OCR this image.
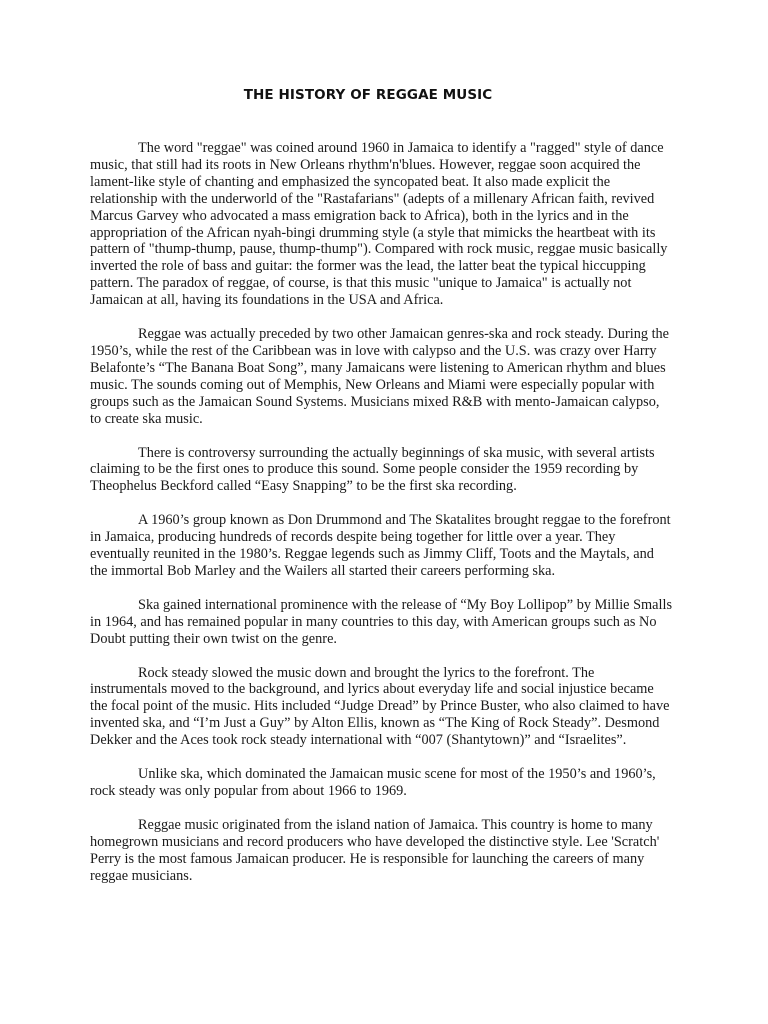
THE HISTORY OF REGGAE MUSIC

The word "reggae" was coined around 1960 in Jamaica to identify a "ragged" style of dance music, that still had its roots in New Orleans rhythm'n'blues. However, reggae soon acquired the lament-like style of chanting and emphasized the syncopated beat. It also made explicit the relationship with the underworld of the "Rastafarians" (adepts of a millenary African faith, revived Marcus Garvey who advocated a mass emigration back to Africa), both in the lyrics and in the appropriation of the African nyah-bingi drumming style (a style that mimicks the heartbeat with its pattern of "thump-thump, pause, thump-thump"). Compared with rock music, reggae music basically inverted the role of bass and guitar: the former was the lead, the latter beat the typical hiccupping pattern. The paradox of reggae, of course, is that this music "unique to Jamaica" is actually not Jamaican at all, having its foundations in the USA and Africa.

Reggae was actually preceded by two other Jamaican genres-ska and rock steady. During the 1950’s, while the rest of the Caribbean was in love with calypso and the U.S. was crazy over Harry Belafonte’s “The Banana Boat Song”, many Jamaicans were listening to American rhythm and blues music. The sounds coming out of Memphis, New Orleans and Miami were especially popular with groups such as the Jamaican Sound Systems. Musicians mixed R&B with mento-Jamaican calypso, to create ska music.

There is controversy surrounding the actually beginnings of ska music, with several artists claiming to be the first ones to produce this sound. Some people consider the 1959 recording by Theophelus Beckford called “Easy Snapping” to be the first ska recording.

A 1960’s group known as Don Drummond and The Skatalites brought reggae to the forefront in Jamaica, producing hundreds of records despite being together for little over a year. They eventually reunited in the 1980’s. Reggae legends such as Jimmy Cliff, Toots and the Maytals, and the immortal Bob Marley and the Wailers all started their careers performing ska.

Ska gained international prominence with the release of “My Boy Lollipop” by Millie Smalls in 1964, and has remained popular in many countries to this day, with American groups such as No Doubt putting their own twist on the genre.

Rock steady slowed the music down and brought the lyrics to the forefront. The instrumentals moved to the background, and lyrics about everyday life and social injustice became the focal point of the music. Hits included “Judge Dread” by Prince Buster, who also claimed to have invented ska, and “I’m Just a Guy” by Alton Ellis, known as “The King of Rock Steady”. Desmond Dekker and the Aces took rock steady international with “007 (Shantytown)” and “Israelites”.

Unlike ska, which dominated the Jamaican music scene for most of the 1950’s and 1960’s, rock steady was only popular from about 1966 to 1969.

Reggae music originated from the island nation of Jamaica. This country is home to many homegrown musicians and record producers who have developed the distinctive style. Lee 'Scratch' Perry is the most famous Jamaican producer. He is responsible for launching the careers of many reggae musicians.
